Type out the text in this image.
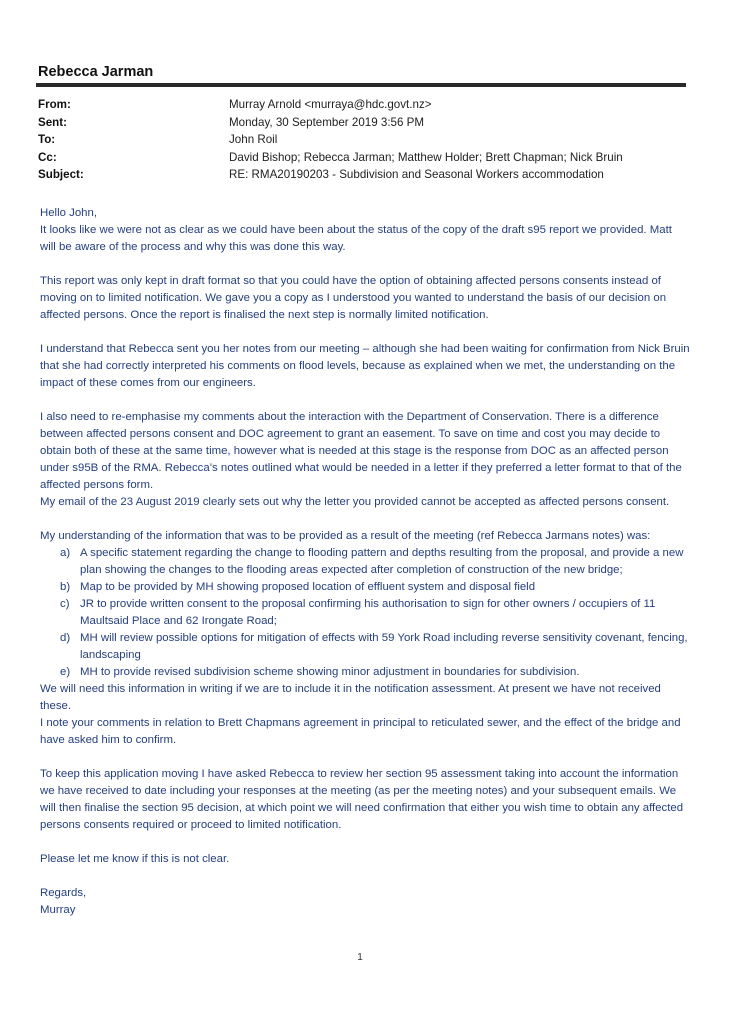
Rebecca Jarman
From:	Murray Arnold <murraya@hdc.govt.nz>
Sent:	Monday, 30 September 2019 3:56 PM
To:	John Roil
Cc:	David Bishop; Rebecca Jarman; Matthew Holder; Brett Chapman; Nick Bruin
Subject:	RE: RMA20190203 - Subdivision and Seasonal Workers accommodation

Hello John,

It looks like we were not as clear as we could have been about the status of the copy of the draft s95 report we provided. Matt will be aware of the process and why this was done this way.

This report was only kept in draft format so that you could have the option of obtaining affected persons consents instead of moving on to limited notification. We gave you a copy as I understood you wanted to understand the basis of our decision on affected persons. Once the report is finalised the next step is normally limited notification.

I understand that Rebecca sent you her notes from our meeting – although she had been waiting for confirmation from Nick Bruin that she had correctly interpreted his comments on flood levels, because as explained when we met, the understanding on the impact of these comes from our engineers.

I also need to re-emphasise my comments about the interaction with the Department of Conservation. There is a difference between affected persons consent and DOC agreement to grant an easement. To save on time and cost you may decide to obtain both of these at the same time, however what is needed at this stage is the response from DOC as an affected person under s95B of the RMA. Rebecca’s notes outlined what would be needed in a letter if they preferred a letter format to that of the affected persons form.

My email of the 23 August 2019 clearly sets out why the letter you provided cannot be accepted as affected persons consent.

My understanding of the information that was to be provided as a result of the meeting (ref Rebecca Jarmans notes) was:

a) A specific statement regarding the change to flooding pattern and depths resulting from the proposal, and provide a new plan showing the changes to the flooding areas expected after completion of construction of the new bridge;
b) Map to be provided by MH showing proposed location of effluent system and disposal field
c) JR to provide written consent to the proposal confirming his authorisation to sign for other owners / occupiers of 11 Maultsaid Place and 62 Irongate Road;
d) MH will review possible options for mitigation of effects with 59 York Road including reverse sensitivity covenant, fencing, landscaping
e) MH to provide revised subdivision scheme showing minor adjustment in boundaries for subdivision.

We will need this information in writing if we are to include it in the notification assessment. At present we have not received these.

I note your comments in relation to Brett Chapmans agreement in principal to reticulated sewer, and the effect of the bridge and have asked him to confirm.

To keep this application moving I have asked Rebecca to review her section 95 assessment taking into account the information we have received to date including your responses at the meeting (as per the meeting notes) and your subsequent emails. We will then finalise the section 95 decision, at which point we will need confirmation that either you wish time to obtain any affected persons consents required or proceed to limited notification.

Please let me know if this is not clear.

Regards,

Murray

1
